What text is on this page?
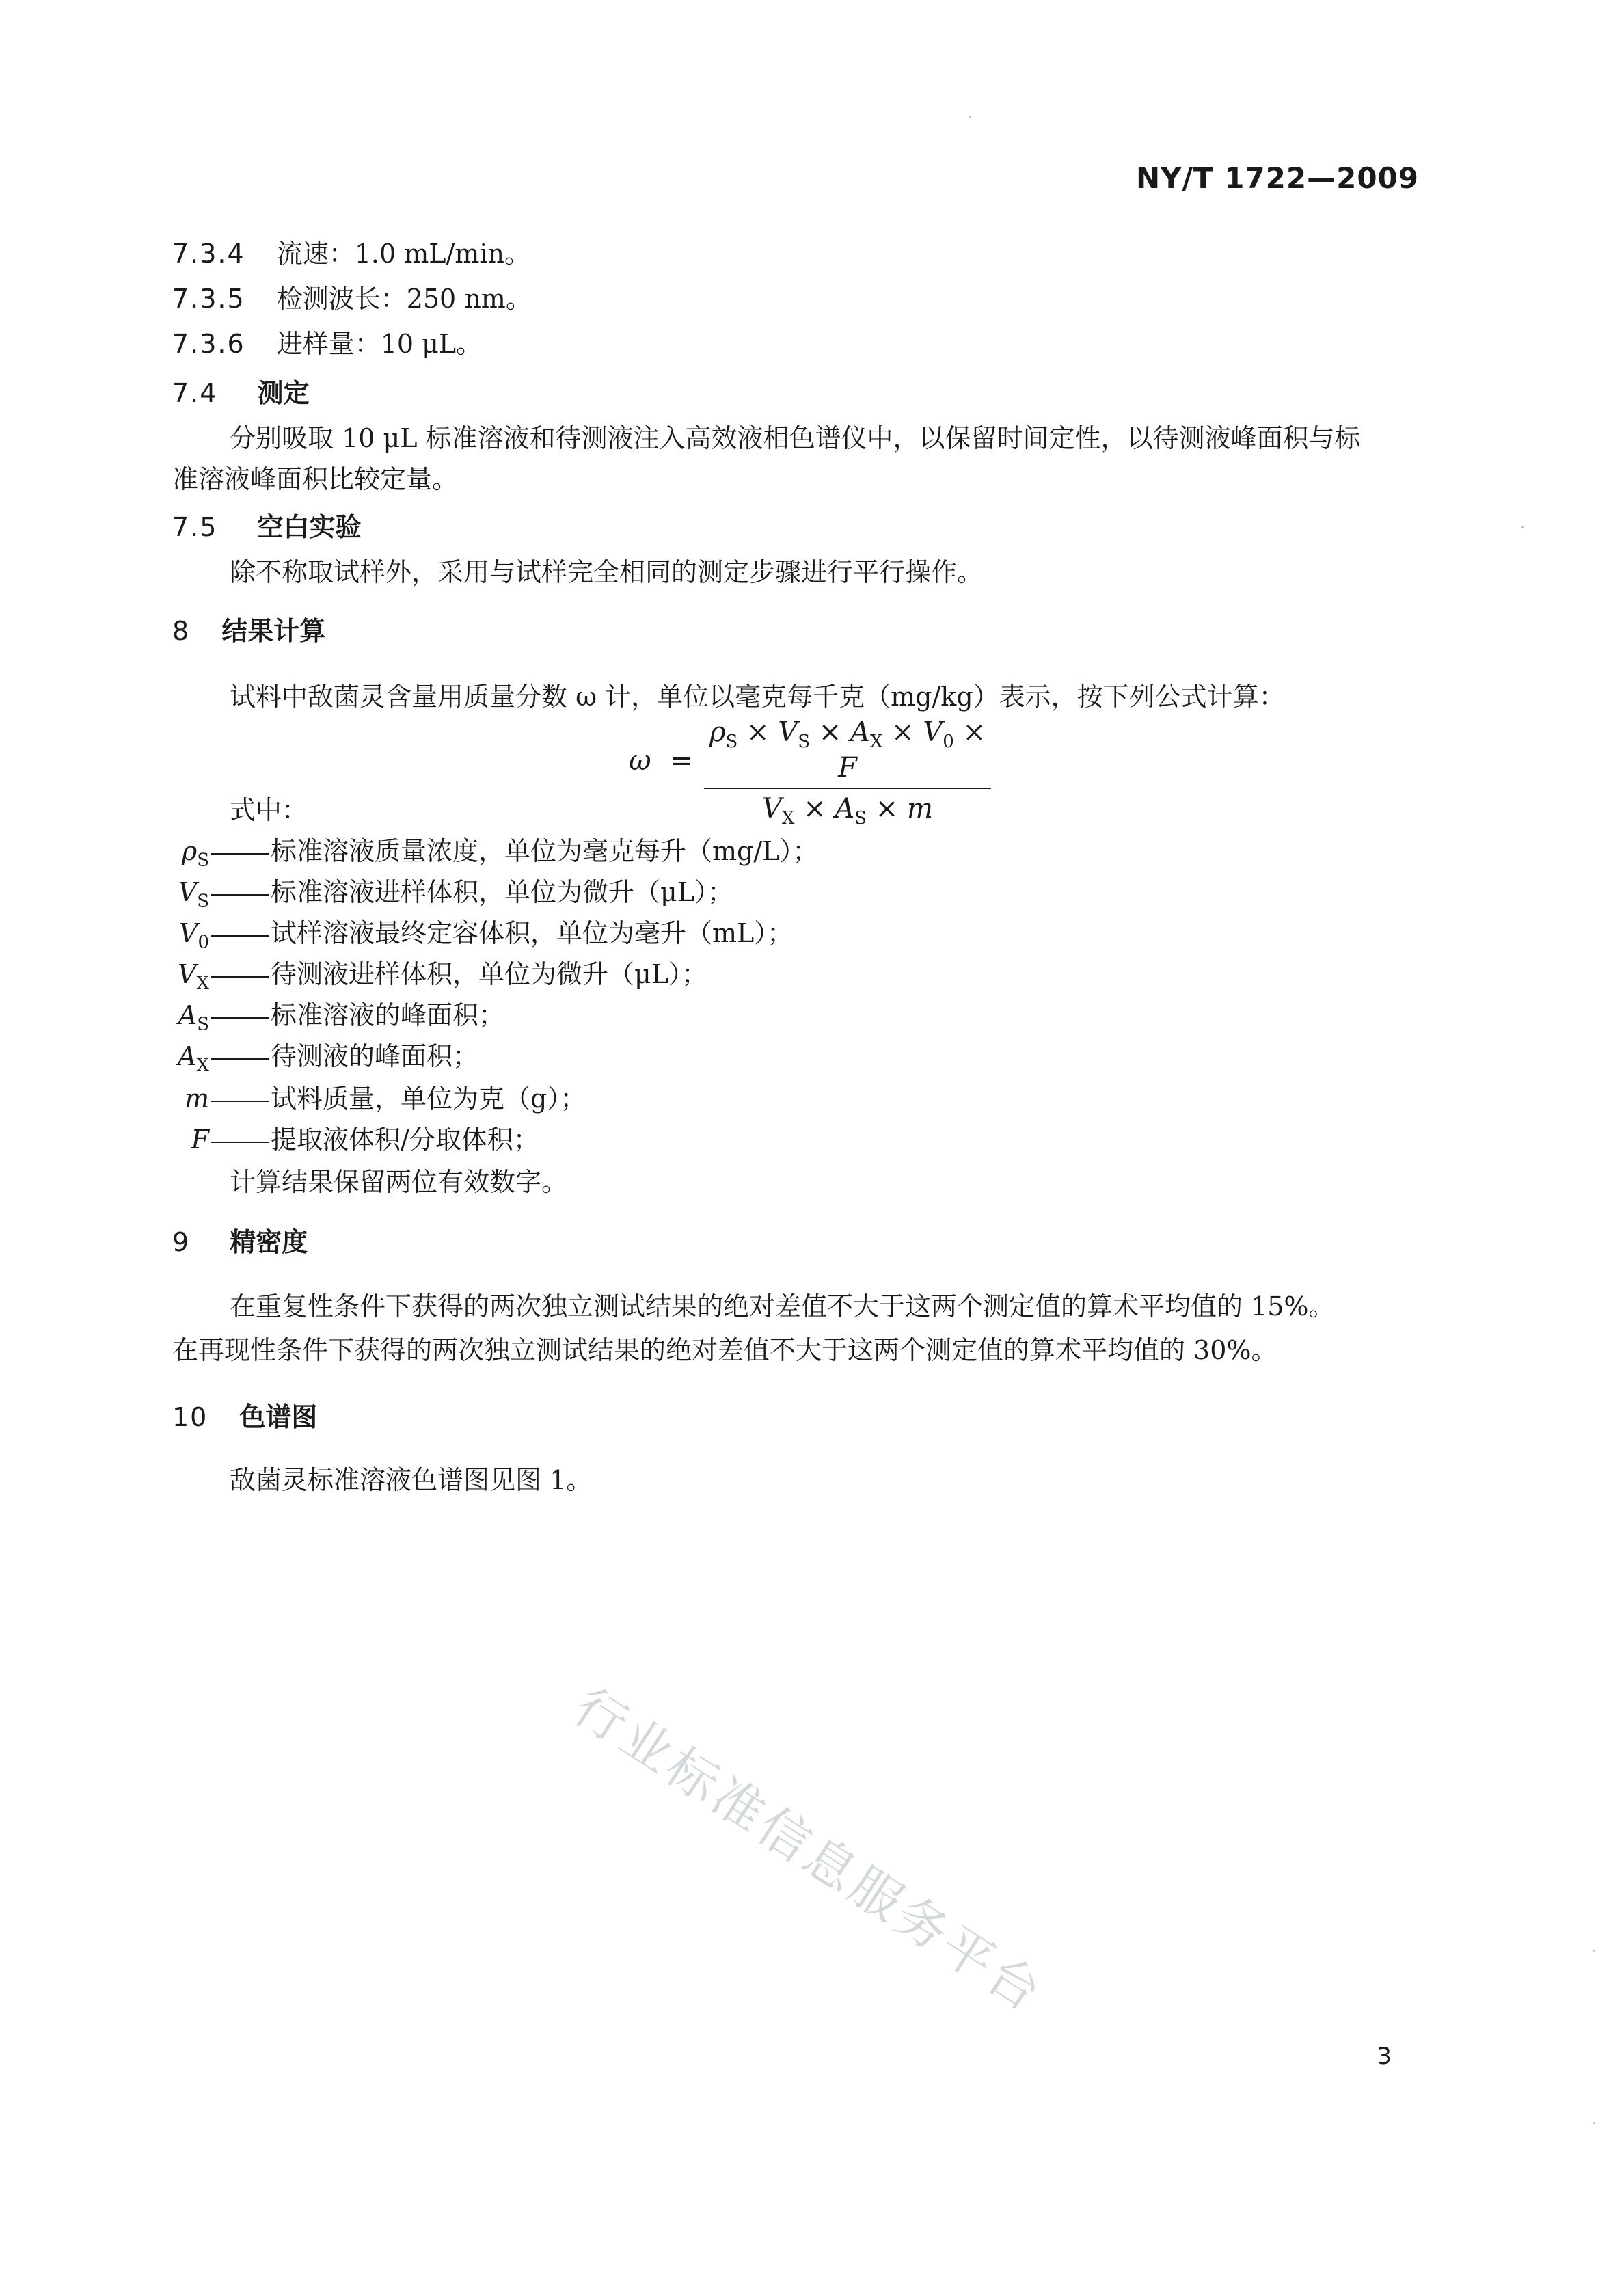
NY/T 1722—2009
7.3.4 流速：1.0 mL/min。
7.3.5 检测波长：250 nm。
7.3.6 进样量：10 μL。
7.4 测定
分别吸取 10 μL 标准溶液和待测液注入高效液相色谱仪中，以保留时间定性，以待测液峰面积与标
准溶液峰面积比较定量。
7.5 空白实验
除不称取试样外，采用与试样完全相同的测定步骤进行平行操作。
8 结果计算
试料中敌菌灵含量用质量分数 ω 计，单位以毫克每千克（mg/kg）表示，按下列公式计算：
$\omega = \frac{\rho_S \times V_S \times A_X \times V_0 \times F}{V_X \times A_S \times m}$
式中：
$\rho_S$ 标准溶液质量浓度，单位为毫克每升（mg/L）；
$V_S$ 标准溶液进样体积，单位为微升（μL）；
$V_0$ 试样溶液最终定容体积，单位为毫升（mL）；
$V_X$ 待测液进样体积，单位为微升（μL）；
$A_S$ 标准溶液的峰面积；
$A_X$ 待测液的峰面积；
m 试料质量，单位为克（g）；
F 提取液体积/分取体积；
计算结果保留两位有效数字。
9 精密度
在重复性条件下获得的两次独立测试结果的绝对差值不大于这两个测定值的算术平均值的 15%。
在再现性条件下获得的两次独立测试结果的绝对差值不大于这两个测定值的算术平均值的 30%。
10 色谱图
敌菌灵标准溶液色谱图见图 1。
行业标准信息服务平台
3
